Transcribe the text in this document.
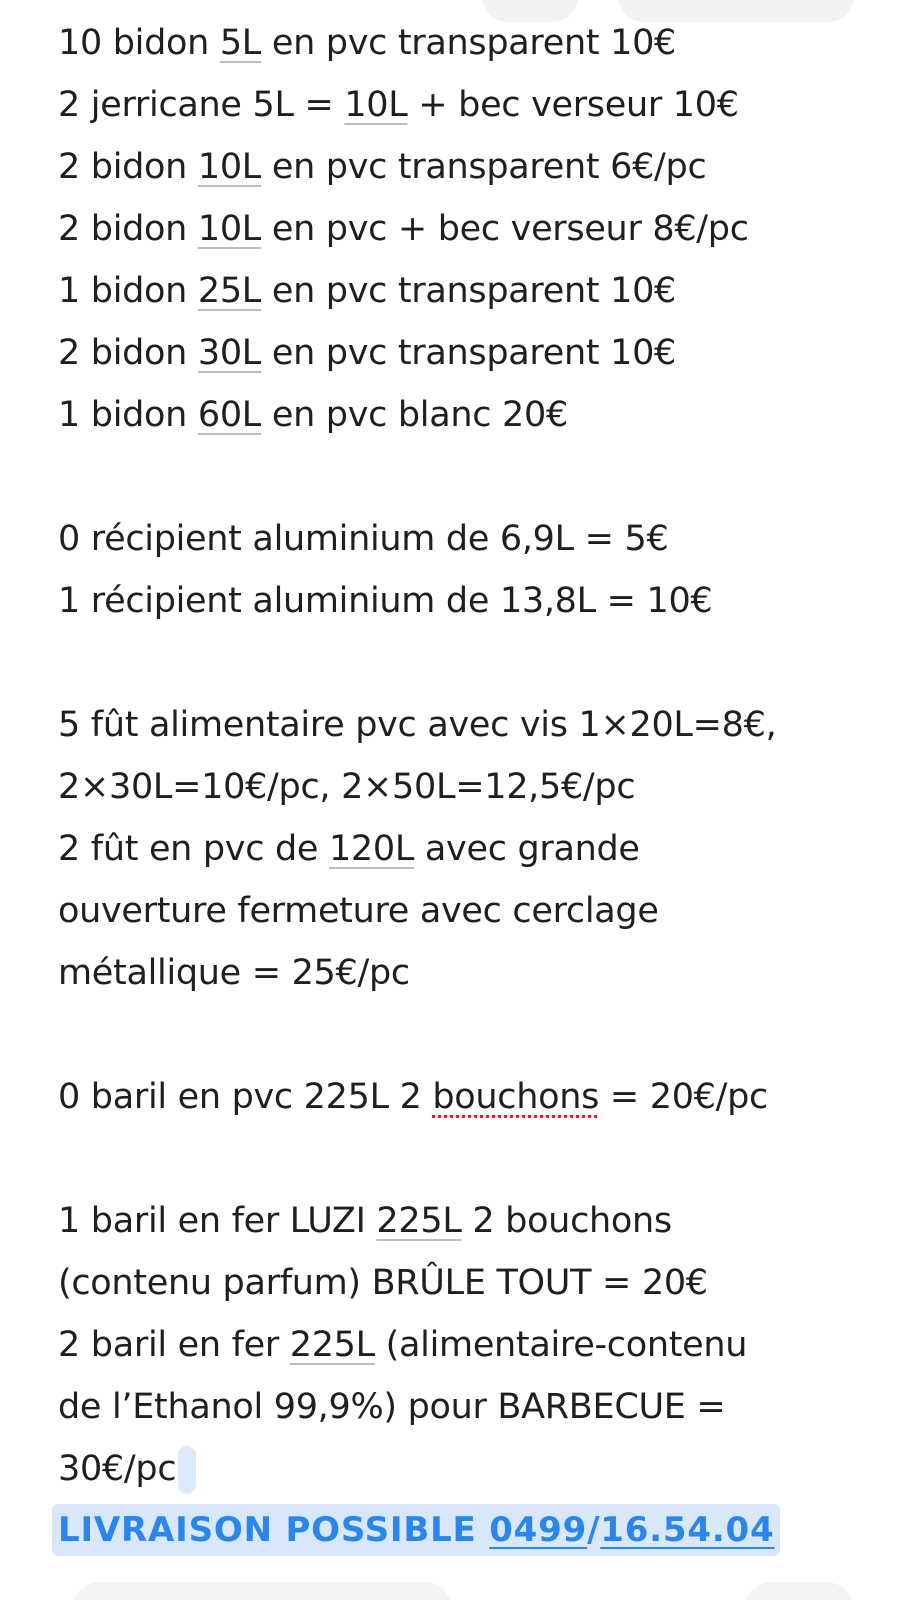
10 bidon 5L en pvc transparent 10€
2 jerricane 5L = 10L + bec verseur 10€
2 bidon 10L en pvc transparent 6€/pc
2 bidon 10L en pvc + bec verseur 8€/pc
1 bidon 25L en pvc transparent 10€
2 bidon 30L en pvc transparent 10€
1 bidon 60L en pvc blanc 20€
0 récipient aluminium de 6,9L = 5€
1 récipient aluminium de 13,8L = 10€
5 fût alimentaire pvc avec vis 1×20L=8€,
2×30L=10€/pc, 2×50L=12,5€/pc
2 fût en pvc de 120L avec grande
ouverture fermeture avec cerclage
métallique = 25€/pc
0 baril en pvc 225L 2 bouchons = 20€/pc
1 baril en fer LUZI 225L 2 bouchons
(contenu parfum) BRÛLE TOUT = 20€
2 baril en fer 225L (alimentaire-contenu
de l’Ethanol 99,9%) pour BARBECUE =
30€/pc
LIVRAISON POSSIBLE 0499/16.54.04
